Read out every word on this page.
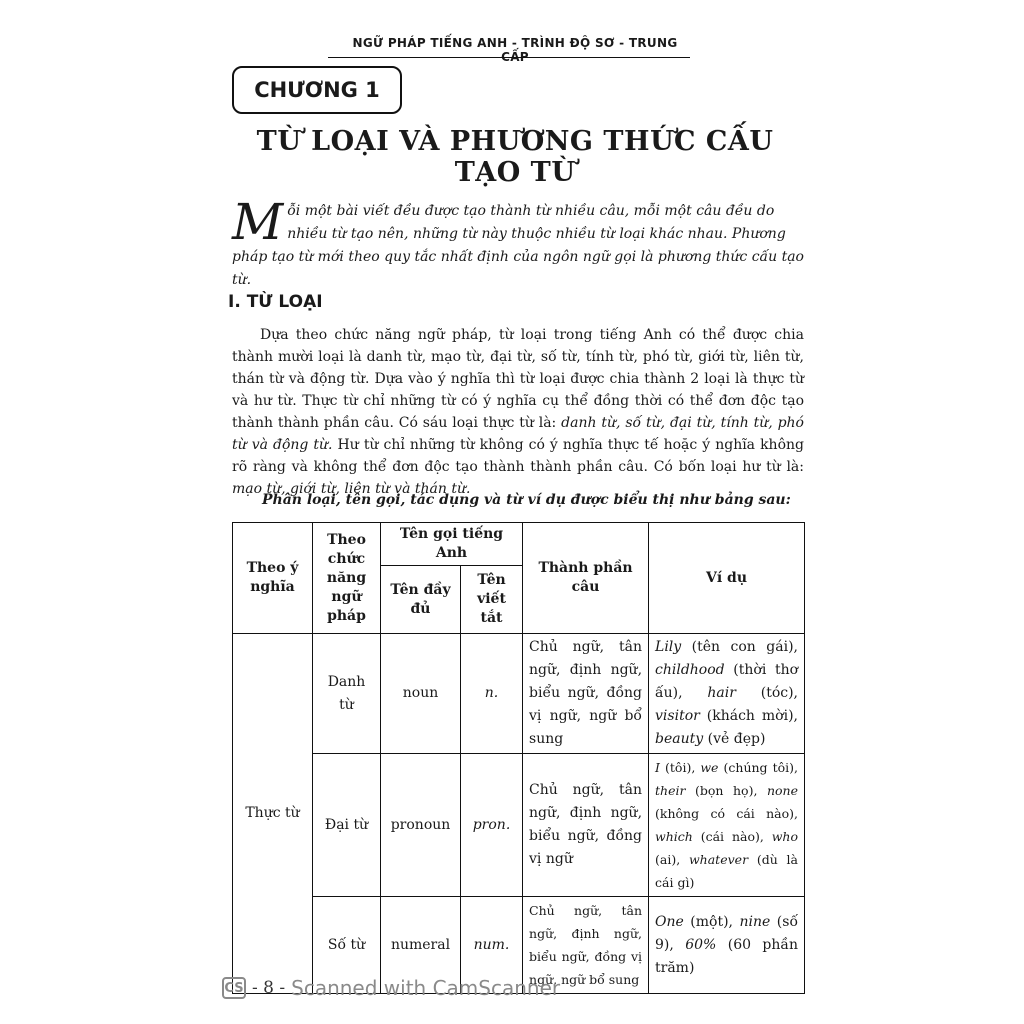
NGỮ PHÁP TIẾNG ANH - TRÌNH ĐỘ SƠ - TRUNG CẤP
CHƯƠNG 1
TỪ LOẠI VÀ PHƯƠNG THỨC CẤU TẠO TỪ
Mỗi một bài viết đều được tạo thành từ nhiều câu, mỗi một câu đều do nhiều từ tạo nên, những từ này thuộc nhiều từ loại khác nhau. Phương pháp tạo từ mới theo quy tắc nhất định của ngôn ngữ gọi là phương thức cấu tạo từ.
I. TỪ LOẠI

Dựa theo chức năng ngữ pháp, từ loại trong tiếng Anh có thể được chia thành mười loại là danh từ, mạo từ, đại từ, số từ, tính từ, phó từ, giới từ, liên từ, thán từ và động từ. Dựa vào ý nghĩa thì từ loại được chia thành 2 loại là thực từ và hư từ. Thực từ chỉ những từ có ý nghĩa cụ thể đồng thời có thể đơn độc tạo thành thành phần câu. Có sáu loại thực từ là: danh từ, số từ, đại từ, tính từ, phó từ và động từ. Hư từ chỉ những từ không có ý nghĩa thực tế hoặc ý nghĩa không rõ ràng và không thể đơn độc tạo thành thành phần câu. Có bốn loại hư từ là: mạo từ, giới từ, liên từ và thán từ.

Phân loại, tên gọi, tác dụng và từ ví dụ được biểu thị như bảng sau:
Theo ý nghĩa	Theo chức năng ngữ pháp	Tên gọi tiếng Anh		Thành phần câu	Ví dụ
		Tên đầy đủ	Tên viết tắt		
Thực từ	Danh từ	noun	n.	Chủ ngữ, tân ngữ, định ngữ, biểu ngữ, đồng vị ngữ, ngữ bổ sung	Lily (tên con gái), childhood (thời thơ ấu), hair (tóc), visitor (khách mời), beauty (vẻ đẹp)
	Đại từ	pronoun	pron.	Chủ ngữ, tân ngữ, định ngữ, biểu ngữ, đồng vị ngữ	I (tôi), we (chúng tôi), their (bọn họ), none (không có cái nào), which (cái nào), who (ai), whatever (dù là cái gì)
	Số từ	numeral	num.	Chủ ngữ, tân ngữ, định ngữ, biểu ngữ, đồng vị ngữ, ngữ bổ sung	One (một), nine (số 9), 60% (60 phần trăm)
CS - 8 - Scanned with CamScanner
